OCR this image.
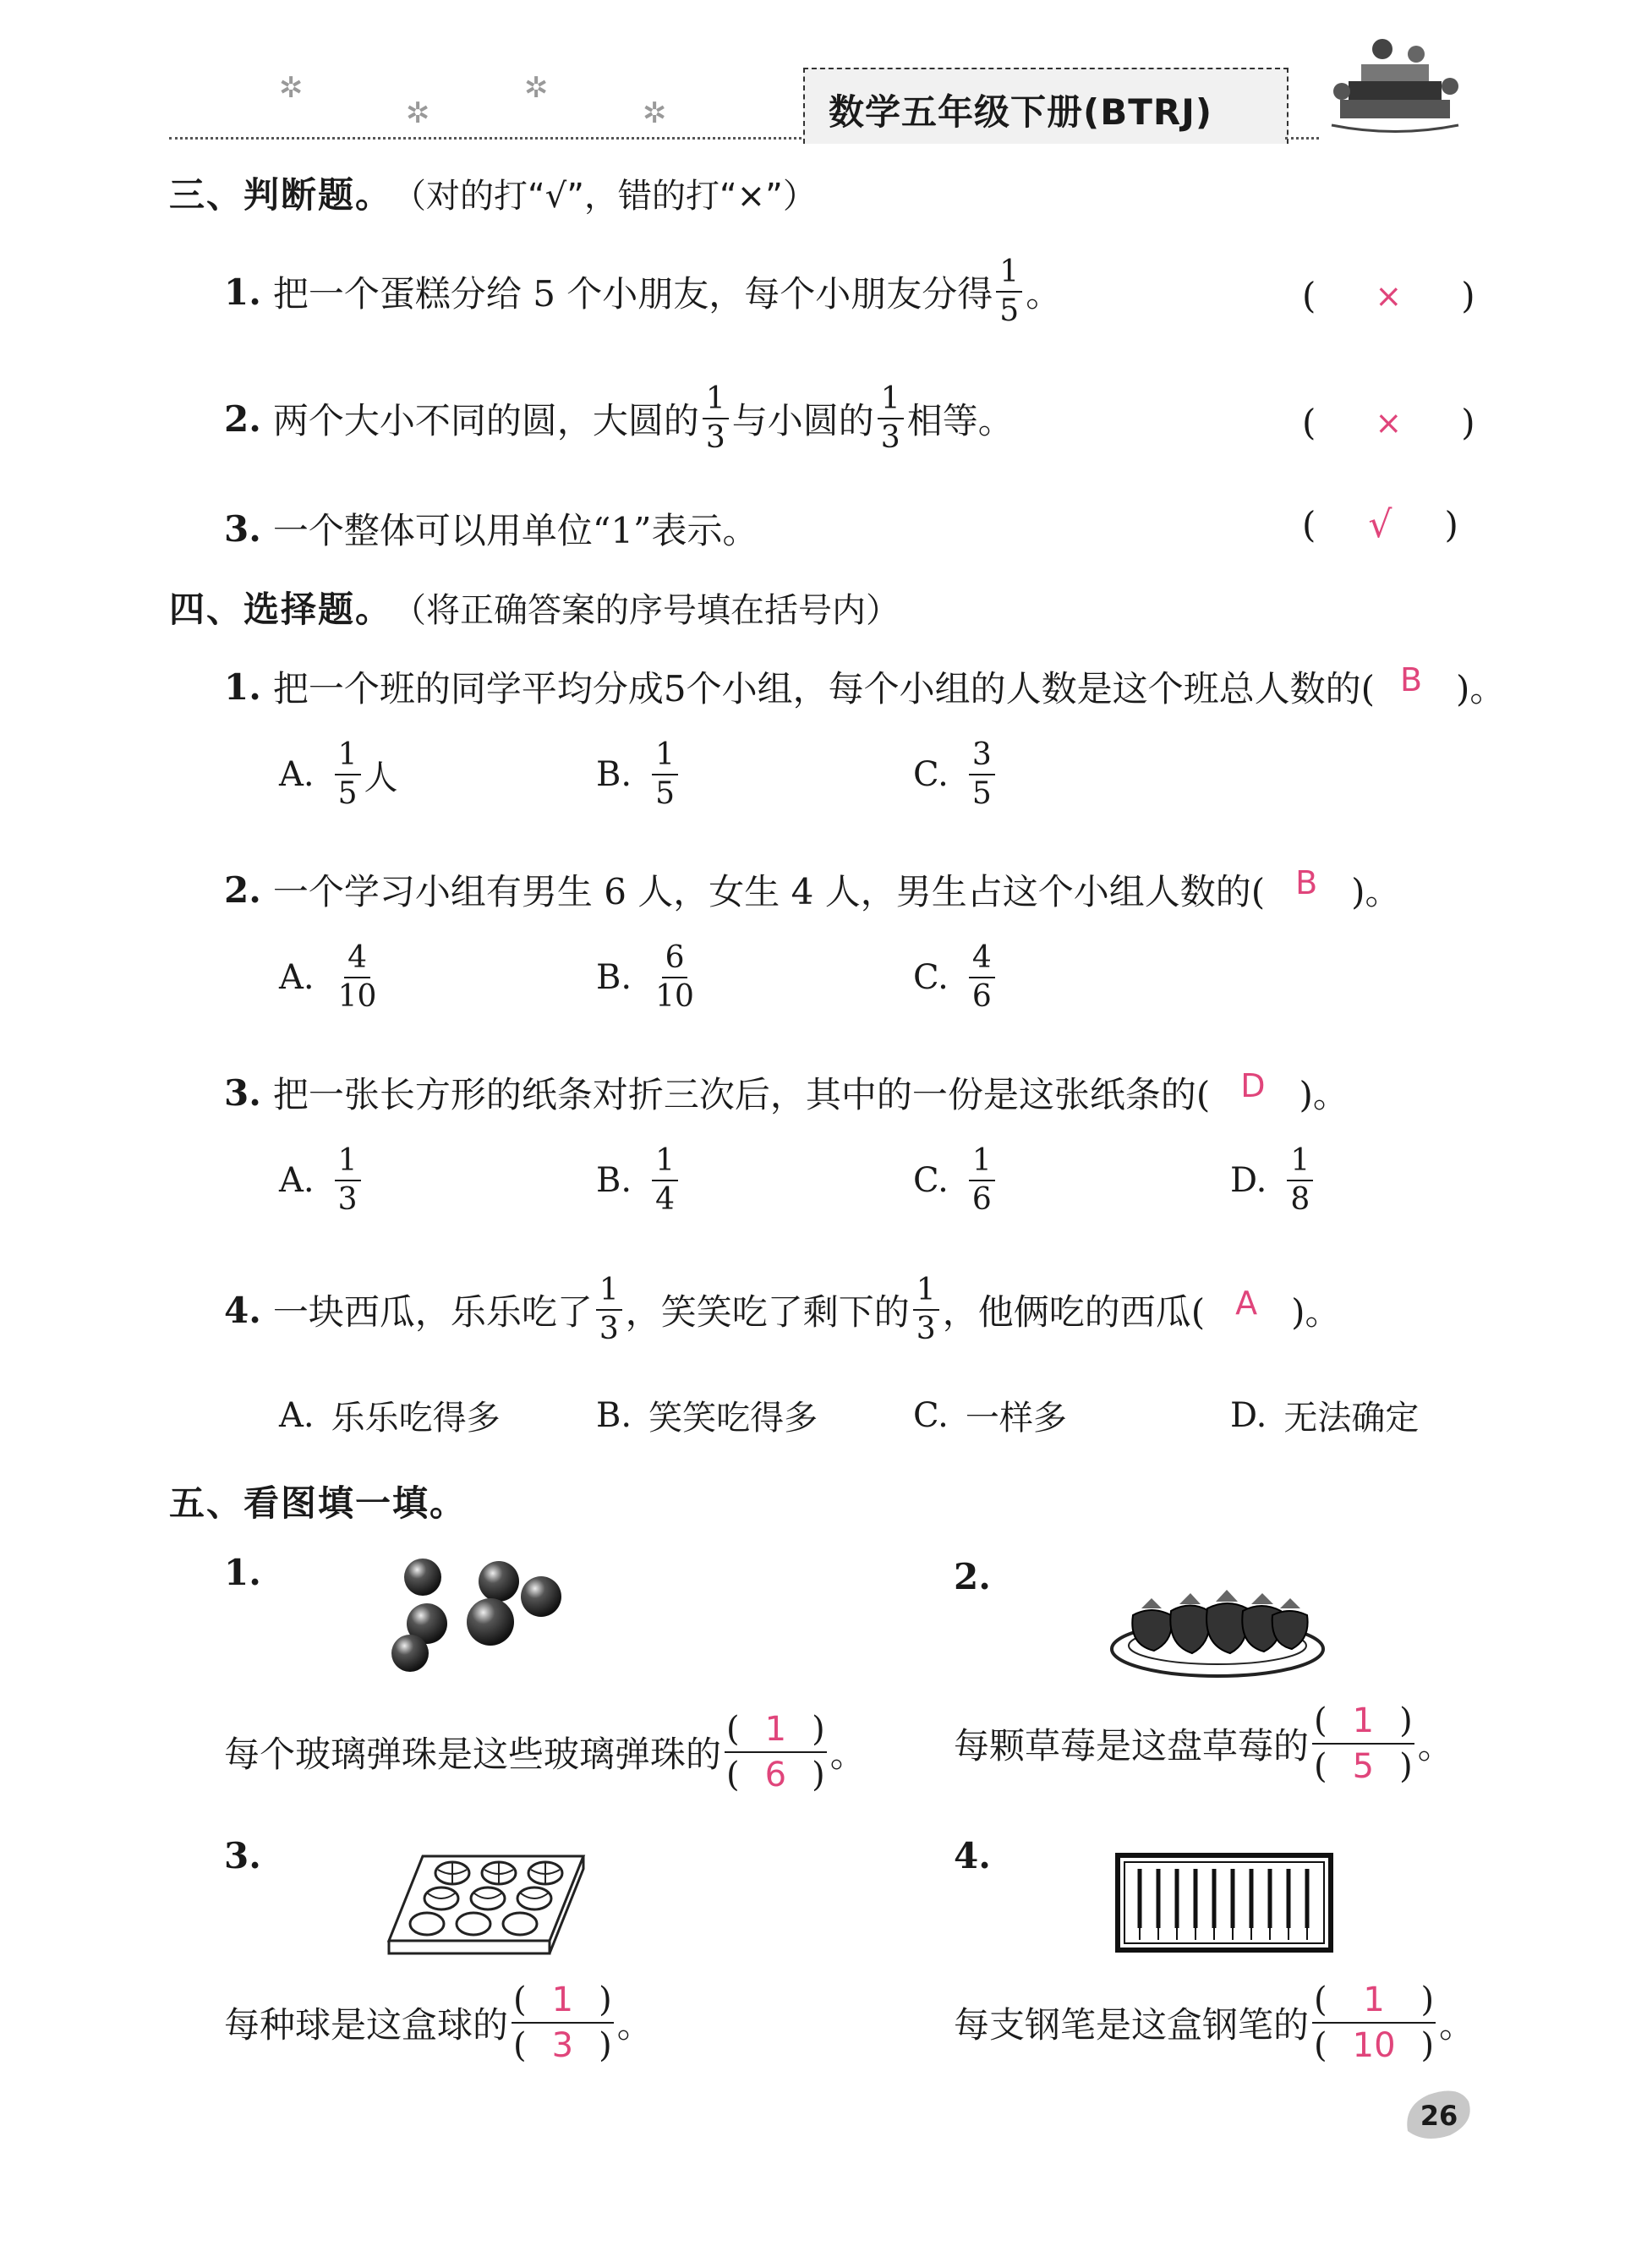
✲
✲
✲
✲	数学五年级下册(BTRJ)
三、判断题。 （对的打“√”，错的打“×”）
1. 把一个蛋糕分给 5 个小朋友，每个小朋友分得 $\frac{1}{5}$ 。	( × )
2. 两个大小不同的圆，大圆的 $\frac{1}{3}$ 与小圆的 $\frac{1}{3}$ 相等。	( × )
3. 一个整体可以用单位“1”表示。	( √ )
四、选择题。 （将正确答案的序号填在括号内）
1. 把一个班的同学平均分成5个小组，每个小组的人数是这个班总人数的( B )。
A. $\frac{1}{5}$ 人	B. $\frac{1}{5}$	C. $\frac{3}{5}$
2. 一个学习小组有男生 6 人，女生 4 人，男生占这个小组人数的( B )。
A. $\frac{4}{10}$	B. $\frac{6}{10}$	C. $\frac{4}{6}$
3. 把一张长方形的纸条对折三次后，其中的一份是这张纸条的( D )。
A. $\frac{1}{3}$	B. $\frac{1}{4}$	C. $\frac{1}{6}$	D. $\frac{1}{8}$
4. 一块西瓜，乐乐吃了 $\frac{1}{3}$ ，笑笑吃了剩下的 $\frac{1}{3}$ ，他俩吃的西瓜( A )。
A. 乐乐吃得多	B. 笑笑吃得多	C. 一样多	D. 无法确定
五、看图填一填。
1.
每个玻璃弹珠是这些玻璃弹珠的
( 1 )
( 6 ) 。
2.
每颗草莓是这盘草莓的
( 1 )
( 5 ) 。
3.
每种球是这盒球的
( 1 )
( 3 ) 。
4.
每支钢笔是这盒钢笔的
( 1 )
( 10 ) 。
26
